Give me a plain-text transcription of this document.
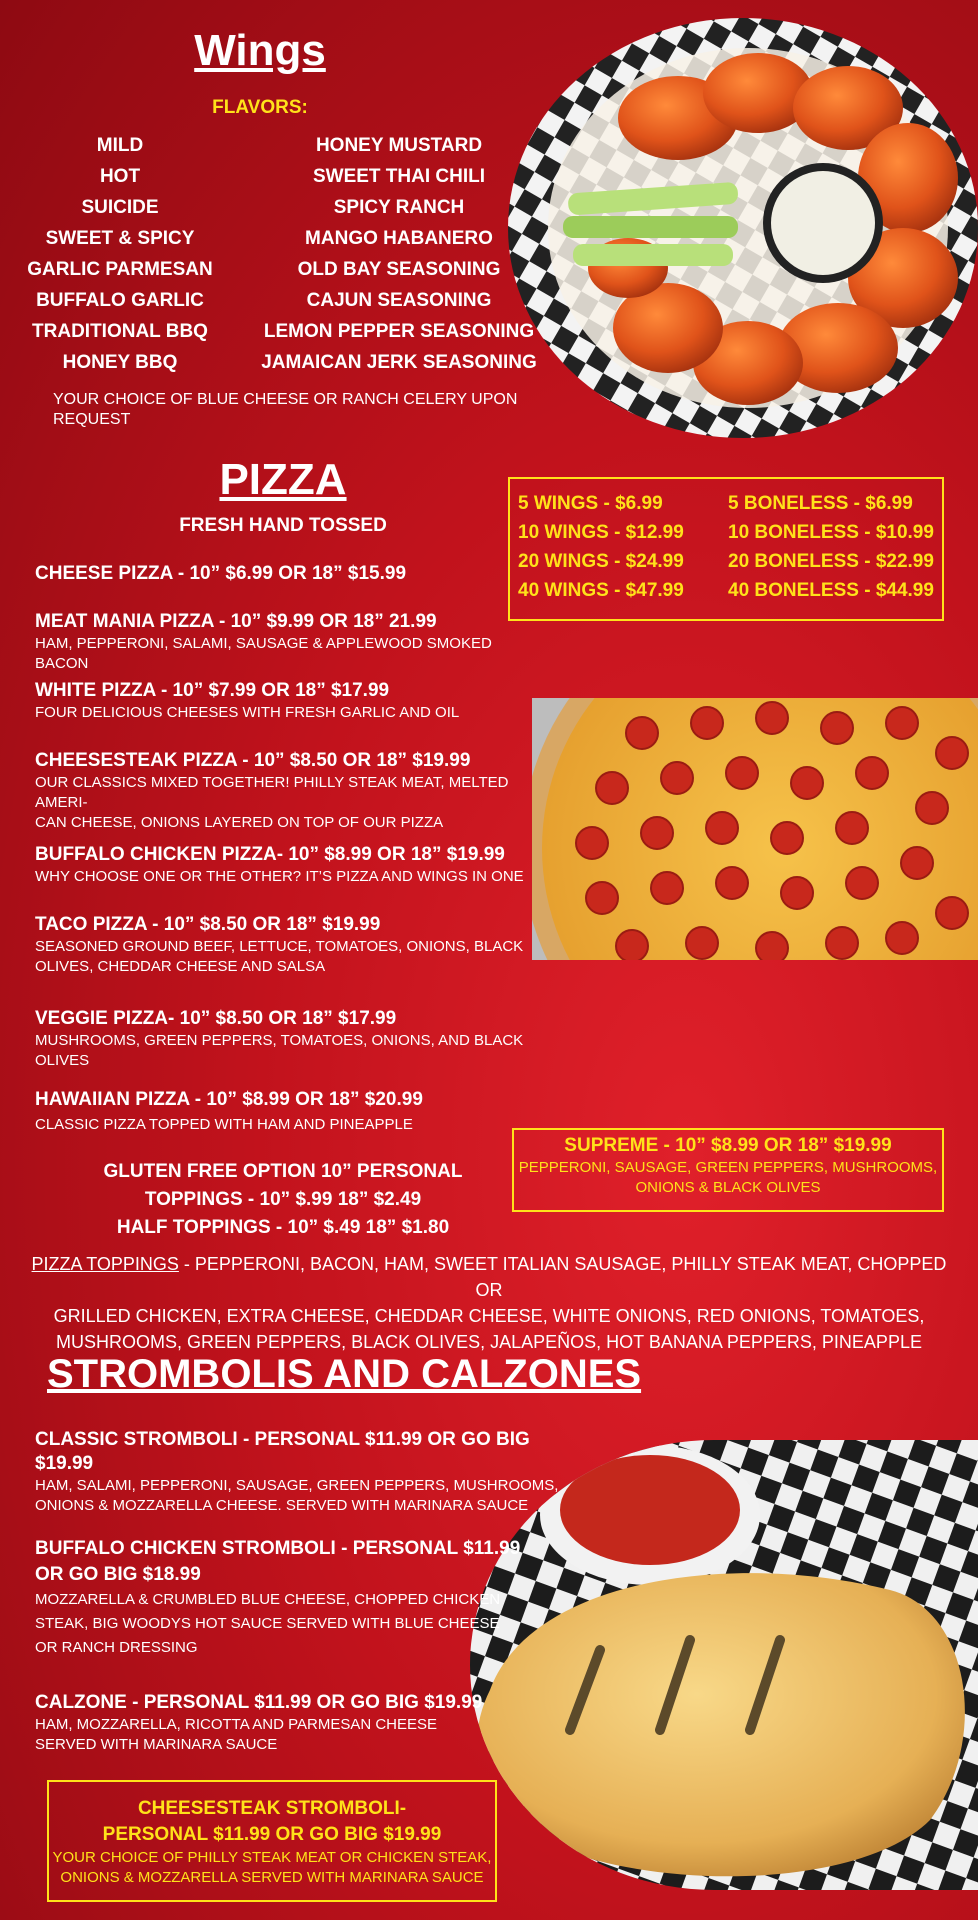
Wings
FLAVORS:
MILD
HOT
SUICIDE
SWEET & SPICY
GARLIC PARMESAN
BUFFALO GARLIC
TRADITIONAL BBQ
HONEY BBQ
HONEY MUSTARD
SWEET THAI CHILI
SPICY RANCH
MANGO HABANERO
OLD BAY SEASONING
CAJUN SEASONING
LEMON PEPPER SEASONING
JAMAICAN JERK SEASONING
YOUR CHOICE OF BLUE CHEESE OR RANCH CELERY UPON REQUEST
5 WINGS - $6.99
10 WINGS - $12.99
20 WINGS - $24.99
40 WINGS - $47.99
5 BONELESS - $6.99
10 BONELESS - $10.99
20 BONELESS - $22.99
40 BONELESS - $44.99
PIZZA
FRESH HAND TOSSED
CHEESE PIZZA - 10” $6.99 OR 18” $15.99
MEAT MANIA PIZZA - 10” $9.99 OR 18” 21.99
HAM, PEPPERONI, SALAMI, SAUSAGE & APPLEWOOD SMOKED BACON
WHITE PIZZA - 10” $7.99 OR 18” $17.99
FOUR DELICIOUS CHEESES WITH FRESH GARLIC AND OIL
CHEESESTEAK PIZZA - 10” $8.50 OR 18” $19.99
OUR CLASSICS MIXED TOGETHER! PHILLY STEAK MEAT, MELTED AMERI-
CAN CHEESE, ONIONS LAYERED ON TOP OF OUR PIZZA
BUFFALO CHICKEN PIZZA- 10” $8.99 OR 18” $19.99
WHY CHOOSE ONE OR THE OTHER? IT’S PIZZA AND WINGS IN ONE
TACO PIZZA - 10” $8.50 OR 18” $19.99
SEASONED GROUND BEEF, LETTUCE, TOMATOES, ONIONS, BLACK
OLIVES, CHEDDAR CHEESE AND SALSA
VEGGIE PIZZA- 10” $8.50 OR 18” $17.99
MUSHROOMS, GREEN PEPPERS, TOMATOES, ONIONS, AND BLACK OLIVES
HAWAIIAN PIZZA - 10” $8.99 OR 18” $20.99
CLASSIC PIZZA TOPPED WITH HAM AND PINEAPPLE
SUPREME - 10” $8.99 OR 18” $19.99
PEPPERONI, SAUSAGE, GREEN PEPPERS, MUSHROOMS,
ONIONS & BLACK OLIVES
GLUTEN FREE OPTION 10” PERSONAL
TOPPINGS - 10” $.99 18” $2.49
HALF TOPPINGS - 10” $.49 18” $1.80
PIZZA TOPPINGS - PEPPERONI, BACON, HAM, SWEET ITALIAN SAUSAGE, PHILLY STEAK MEAT, CHOPPED OR
GRILLED CHICKEN, EXTRA CHEESE, CHEDDAR CHEESE, WHITE ONIONS, RED ONIONS, TOMATOES,
MUSHROOMS, GREEN PEPPERS, BLACK OLIVES, JALAPEÑOS, HOT BANANA PEPPERS, PINEAPPLE
STROMBOLIS AND CALZONES
CLASSIC STROMBOLI - PERSONAL $11.99 OR GO BIG $19.99
HAM, SALAMI, PEPPERONI, SAUSAGE, GREEN PEPPERS, MUSHROOMS,
ONIONS & MOZZARELLA CHEESE. SERVED WITH MARINARA SAUCE
BUFFALO CHICKEN STROMBOLI - PERSONAL $11.99
OR GO BIG $18.99
MOZZARELLA & CRUMBLED BLUE CHEESE, CHOPPED CHICKEN
STEAK, BIG WOODYS HOT SAUCE SERVED WITH BLUE CHEESE
OR RANCH DRESSING
CALZONE - PERSONAL $11.99 OR GO BIG $19.99
HAM, MOZZARELLA, RICOTTA AND PARMESAN CHEESE
SERVED WITH MARINARA SAUCE
CHEESESTEAK STROMBOLI-
PERSONAL $11.99 OR GO BIG $19.99
YOUR CHOICE OF PHILLY STEAK MEAT OR CHICKEN STEAK,
ONIONS & MOZZARELLA SERVED WITH MARINARA SAUCE
